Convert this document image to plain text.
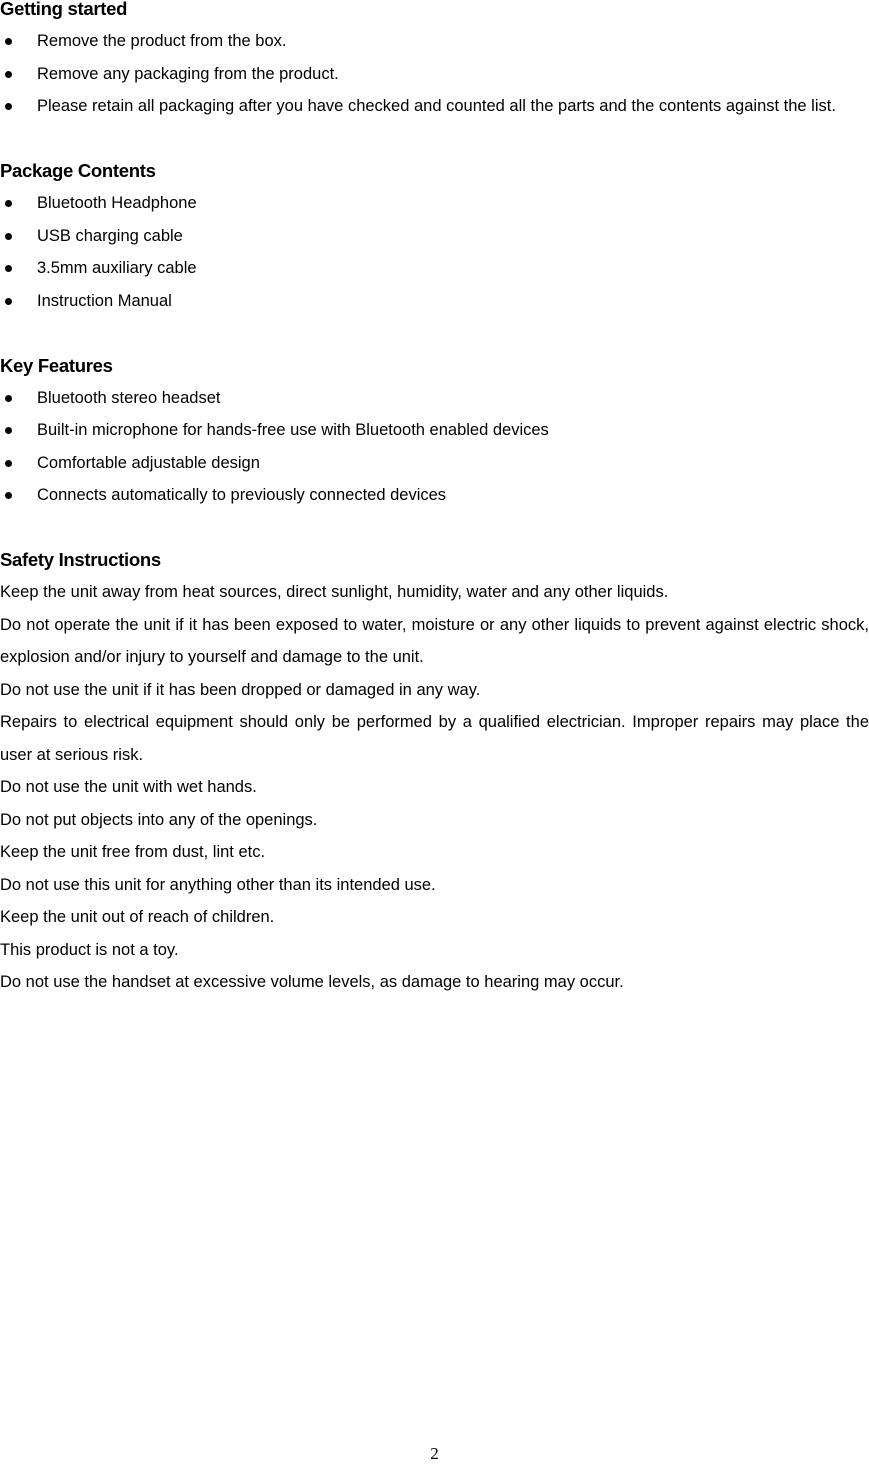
Getting started
Remove the product from the box.
Remove any packaging from the product.
Please retain all packaging after you have checked and counted all the parts and the contents against the list.
Package Contents
Bluetooth Headphone
USB charging cable
3.5mm auxiliary cable
Instruction Manual
Key Features
Bluetooth stereo headset
Built-in microphone for hands-free use with Bluetooth enabled devices
Comfortable adjustable design
Connects automatically to previously connected devices
Safety Instructions

Keep the unit away from heat sources, direct sunlight, humidity, water and any other liquids.

Do not operate the unit if it has been exposed to water, moisture or any other liquids to prevent against electric shock, explosion and/or injury to yourself and damage to the unit.

Do not use the unit if it has been dropped or damaged in any way.

Repairs to electrical equipment should only be performed by a qualified electrician. Improper repairs may place the user at serious risk.

Do not use the unit with wet hands.

Do not put objects into any of the openings.

Keep the unit free from dust, lint etc.

Do not use this unit for anything other than its intended use.

Keep the unit out of reach of children.

This product is not a toy.

Do not use the handset at excessive volume levels, as damage to hearing may occur.

2
